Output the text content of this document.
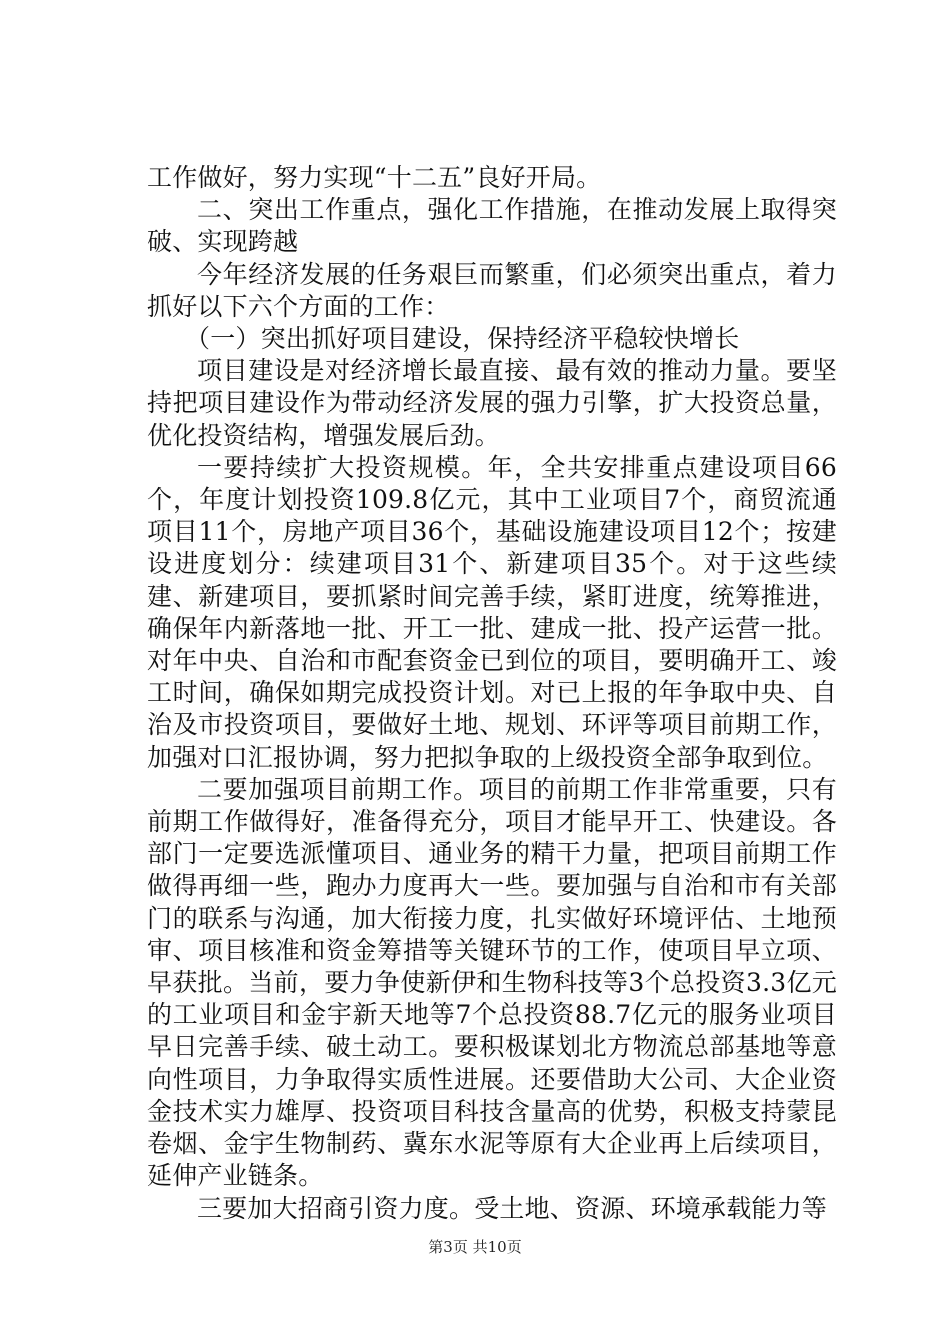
工作做好，努力实现“十二五”良好开局。

二、突出工作重点，强化工作措施，在推动发展上取得突破、实现跨越

今年经济发展的任务艰巨而繁重，们必须突出重点，着力抓好以下六个方面的工作：

（一）突出抓好项目建设，保持经济平稳较快增长

项目建设是对经济增长最直接、最有效的推动力量。要坚持把项目建设作为带动经济发展的强力引擎，扩大投资总量，优化投资结构，增强发展后劲。

一要持续扩大投资规模。年，全共安排重点建设项目66个，年度计划投资109.8亿元，其中工业项目7个，商贸流通项目11个，房地产项目36个，基础设施建设项目12个；按建设进度划分：续建项目31个、新建项目35个。对于这些续建、新建项目，要抓紧时间完善手续，紧盯进度，统筹推进，确保年内新落地一批、开工一批、建成一批、投产运营一批。对年中央、自治和市配套资金已到位的项目，要明确开工、竣工时间，确保如期完成投资计划。对已上报的年争取中央、自治及市投资项目，要做好土地、规划、环评等项目前期工作，加强对口汇报协调，努力把拟争取的上级投资全部争取到位。

二要加强项目前期工作。项目的前期工作非常重要，只有前期工作做得好，准备得充分，项目才能早开工、快建设。各部门一定要选派懂项目、通业务的精干力量，把项目前期工作做得再细一些，跑办力度再大一些。要加强与自治和市有关部门的联系与沟通，加大衔接力度，扎实做好环境评估、土地预审、项目核准和资金筹措等关键环节的工作，使项目早立项、早获批。当前，要力争使新伊和生物科技等3个总投资3.3亿元的工业项目和金宇新天地等7个总投资88.7亿元的服务业项目早日完善手续、破土动工。要积极谋划北方物流总部基地等意向性项目，力争取得实质性进展。还要借助大公司、大企业资金技术实力雄厚、投资项目科技含量高的优势，积极支持蒙昆卷烟、金宇生物制药、冀东水泥等原有大企业再上后续项目，延伸产业链条。

三要加大招商引资力度。受土地、资源、环境承载能力等

第3页 共10页
